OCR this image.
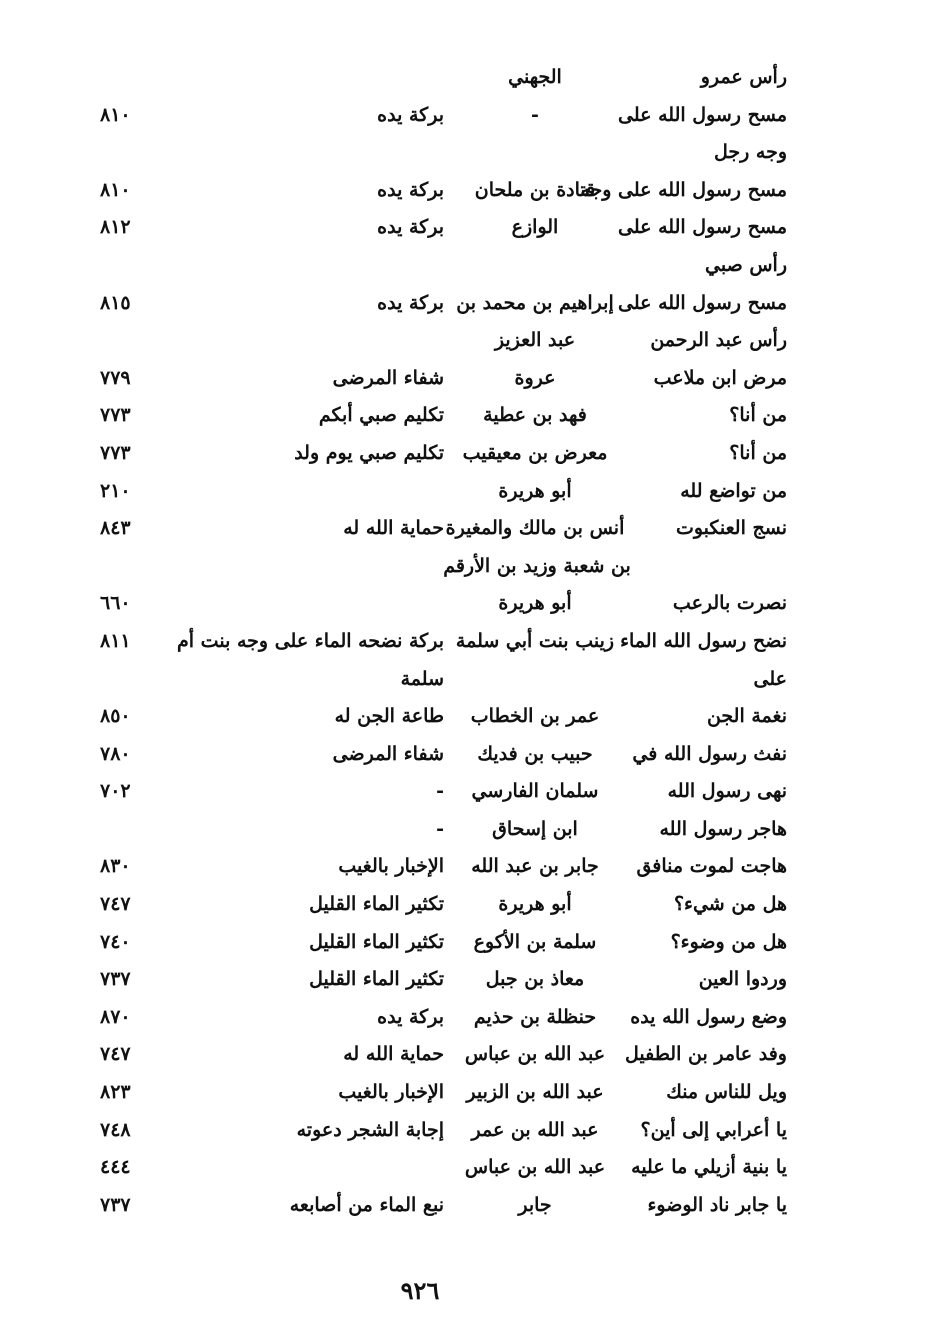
رأس عمرو
الجهني
مسح رسول الله على
-
بركة يده
٨١٠
وجه رجل
مسح رسول الله على وجه
قتادة بن ملحان
بركة يده
٨١٠
مسح رسول الله على
الوازع
بركة يده
٨١٢
رأس صبي
مسح رسول الله على
إبراهيم بن محمد بن
بركة يده
٨١٥
رأس عبد الرحمن
عبد العزيز
مرض ابن ملاعب
عروة
شفاء المرضى
٧٧٩
من أنا؟
فهد بن عطية
تكليم صبي أبكم
٧٧٣
من أنا؟
معرض بن معيقيب
تكليم صبي يوم ولد
٧٧٣
من تواضع لله
أبو هريرة
٢١٠
نسج العنكبوت
أنس بن مالك والمغيرة
حماية الله له
٨٤٣
بن شعبة وزيد بن الأرقم
نصرت بالرعب
أبو هريرة
٦٦٠
نضح رسول الله الماء
زينب بنت أبي سلمة
بركة نضحه الماء على وجه بنت أم
٨١١
على
سلمة
نغمة الجن
عمر بن الخطاب
طاعة الجن له
٨٥٠
نفث رسول الله في
حبيب بن فديك
شفاء المرضى
٧٨٠
نهى رسول الله
سلمان الفارسي
-
٧٠٢
هاجر رسول الله
ابن إسحاق
-
هاجت لموت منافق
جابر بن عبد الله
الإخبار بالغيب
٨٣٠
هل من شيء؟
أبو هريرة
تكثير الماء القليل
٧٤٧
هل من وضوء؟
سلمة بن الأكوع
تكثير الماء القليل
٧٤٠
وردوا العين
معاذ بن جبل
تكثير الماء القليل
٧٣٧
وضع رسول الله يده
حنظلة بن حذيم
بركة يده
٨٧٠
وفد عامر بن الطفيل
عبد الله بن عباس
حماية الله له
٧٤٧
ويل للناس منك
عبد الله بن الزبير
الإخبار بالغيب
٨٢٣
يا أعرابي إلى أين؟
عبد الله بن عمر
إجابة الشجر دعوته
٧٤٨
يا بنية أزيلي ما عليه
عبد الله بن عباس
٤٤٤
يا جابر ناد الوضوء
جابر
نبع الماء من أصابعه
٧٣٧
٩٢٦
